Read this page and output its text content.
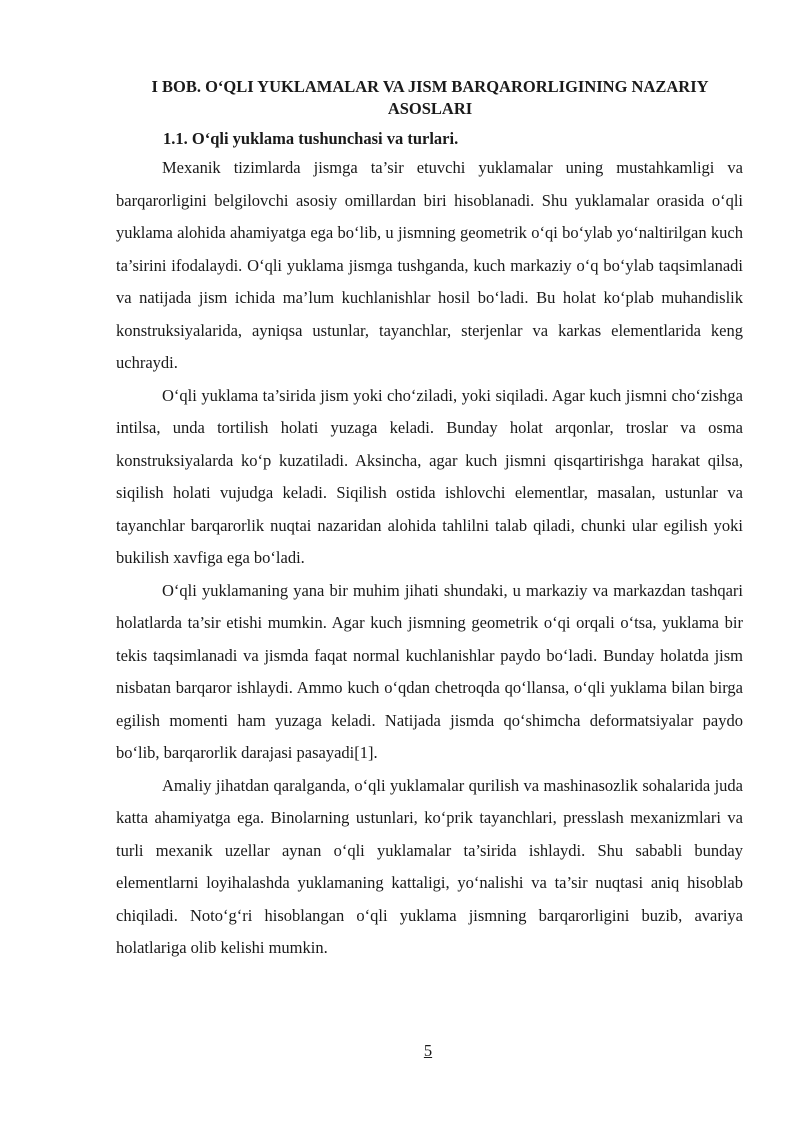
I BOB. O‘QLI YUKLAMALAR VA JISM BARQARORLIGINING NAZARIY ASOSLARI
1.1. O‘qli yuklama tushunchasi va turlari.

Mexanik tizimlarda jismga ta’sir etuvchi yuklamalar uning mustahkamligi va barqarorligini belgilovchi asosiy omillardan biri hisoblanadi. Shu yuklamalar orasida o‘qli yuklama alohida ahamiyatga ega bo‘lib, u jismning geometrik o‘qi bo‘ylab yo‘naltirilgan kuch ta’sirini ifodalaydi. O‘qli yuklama jismga tushganda, kuch markaziy o‘q bo‘ylab taqsimlanadi va natijada jism ichida ma’lum kuchlanishlar hosil bo‘ladi. Bu holat ko‘plab muhandislik konstruksiyalarida, ayniqsa ustunlar, tayanchlar, sterjenlar va karkas elementlarida keng uchraydi.

O‘qli yuklama ta’sirida jism yoki cho‘ziladi, yoki siqiladi. Agar kuch jismni cho‘zishga intilsa, unda tortilish holati yuzaga keladi. Bunday holat arqonlar, troslar va osma konstruksiyalarda ko‘p kuzatiladi. Aksincha, agar kuch jismni qisqartirishga harakat qilsa, siqilish holati vujudga keladi. Siqilish ostida ishlovchi elementlar, masalan, ustunlar va tayanchlar barqarorlik nuqtai nazaridan alohida tahlilni talab qiladi, chunki ular egilish yoki bukilish xavfiga ega bo‘ladi.

O‘qli yuklamaning yana bir muhim jihati shundaki, u markaziy va markazdan tashqari holatlarda ta’sir etishi mumkin. Agar kuch jismning geometrik o‘qi orqali o‘tsa, yuklama bir tekis taqsimlanadi va jismda faqat normal kuchlanishlar paydo bo‘ladi. Bunday holatda jism nisbatan barqaror ishlaydi. Ammo kuch o‘qdan chetroqda qo‘llansa, o‘qli yuklama bilan birga egilish momenti ham yuzaga keladi. Natijada jismda qo‘shimcha deformatsiyalar paydo bo‘lib, barqarorlik darajasi pasayadi[1].

Amaliy jihatdan qaralganda, o‘qli yuklamalar qurilish va mashinasozlik sohalarida juda katta ahamiyatga ega. Binolarning ustunlari, ko‘prik tayanchlari, presslash mexanizmlari va turli mexanik uzellar aynan o‘qli yuklamalar ta’sirida ishlaydi. Shu sababli bunday elementlarni loyihalashda yuklamaning kattaligi, yo‘nalishi va ta’sir nuqtasi aniq hisoblab chiqiladi. Noto‘g‘ri hisoblangan o‘qli yuklama jismning barqarorligini buzib, avariya holatlariga olib kelishi mumkin.

5
